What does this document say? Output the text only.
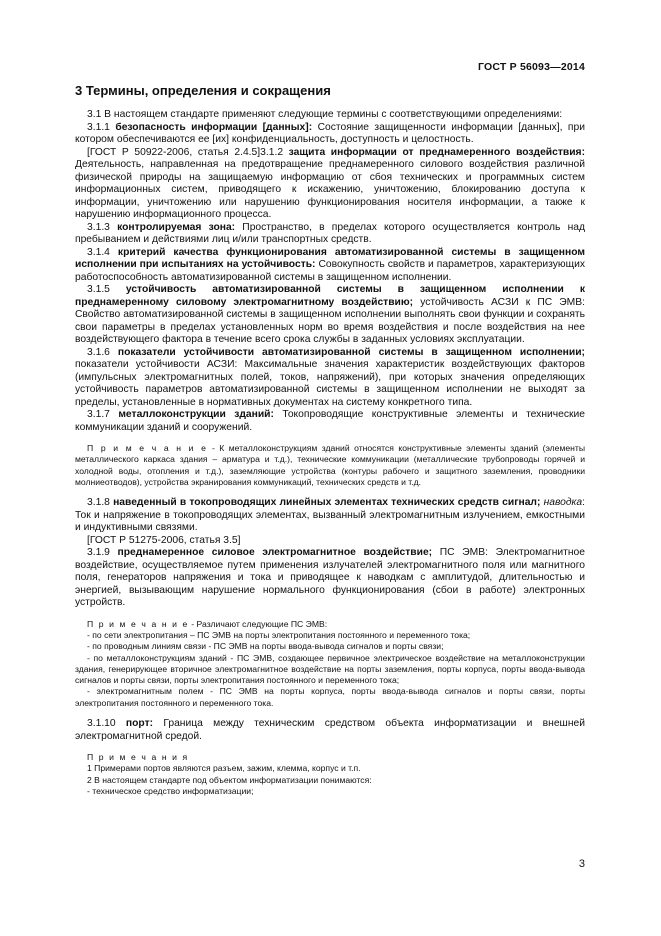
ГОСТ Р 56093—2014
3 Термины, определения и сокращения

3.1 В настоящем стандарте применяют следующие термины с соответствующими определениями:

3.1.1 безопасность информации [данных]: Состояние защищенности информации [данных], при котором обеспечиваются ее [их] конфиденциальность, доступность и целостность.

[ГОСТ Р 50922-2006, статья 2.4.5]3.1.2 защита информации от преднамеренного воздействия: Деятельность, направленная на предотвращение преднамеренного силового воздействия различной физической природы на защищаемую информацию от сбоя технических и программных систем информационных систем, приводящего к искажению, уничтожению, блокированию доступа к информации, уничтожению или нарушению функционирования носителя информации, а также к нарушению информационного процесса.

3.1.3 контролируемая зона: Пространство, в пределах которого осуществляется контроль над пребыванием и действиями лиц и/или транспортных средств.

3.1.4 критерий качества функционирования автоматизированной системы в защищенном исполнении при испытаниях на устойчивость: Совокупность свойств и параметров, характеризующих работоспособность автоматизированной системы в защищенном исполнении.

3.1.5 устойчивость автоматизированной системы в защищенном исполнении к преднамеренному силовому электромагнитному воздействию; устойчивость АСЗИ к ПС ЭМВ: Свойство автоматизированной системы в защищенном исполнении выполнять свои функции и сохранять свои параметры в пределах установленных норм во время воздействия и после воздействия на нее воздействующего фактора в течение всего срока службы в заданных условиях эксплуатации.

3.1.6 показатели устойчивости автоматизированной системы в защищенном исполнении; показатели устойчивости АСЗИ: Максимальные значения характеристик воздействующих факторов (импульсных электромагнитных полей, токов, напряжений), при которых значения определяющих устойчивость параметров автоматизированной системы в защищенном исполнении не выходят за пределы, установленные в нормативных документах на систему конкретного типа.

3.1.7 металлоконструкции зданий: Токопроводящие конструктивные элементы и технические коммуникации зданий и сооружений.

П р и м е ч а н и е - К металлоконструкциям зданий относятся конструктивные элементы зданий (элементы металлического каркаса здания – арматура и т.д.), технические коммуникации (металлические трубопроводы горячей и холодной воды, отопления и т.д.), заземляющие устройства (контуры рабочего и защитного заземления, проводники молниеотводов), устройства экранирования коммуникаций, технических средств и т.д.

3.1.8 наведенный в токопроводящих линейных элементах технических средств сигнал; наводка: Ток и напряжение в токопроводящих элементах, вызванный электромагнитным излучением, емкостными и индуктивными связями.

[ГОСТ Р 51275-2006, статья 3.5]

3.1.9 преднамеренное силовое электромагнитное воздействие; ПС ЭМВ: Электромагнитное воздействие, осуществляемое путем применения излучателей электромагнитного поля или магнитного поля, генераторов напряжения и тока и приводящее к наводкам с амплитудой, длительностью и энергией, вызывающим нарушение нормального функционирования (сбои в работе) электронных устройств.

П р и м е ч а н и е - Различают следующие ПС ЭМВ:

- по сети электропитания – ПС ЭМВ на порты электропитания постоянного и переменного тока;

- по проводным линиям связи - ПС ЭМВ на порты ввода-вывода сигналов и порты связи;

- по металлоконструкциям зданий - ПС ЭМВ, создающее первичное электрическое воздействие на металлоконструкции здания, генерирующее вторичное электромагнитное воздействие на порты заземления, порты корпуса, порты ввода-вывода сигналов и порты связи, порты электропитания постоянного и переменного тока;

- электромагнитным полем - ПС ЭМВ на порты корпуса, порты ввода-вывода сигналов и порты связи, порты электропитания постоянного и переменного тока.

3.1.10 порт: Граница между техническим средством объекта информатизации и внешней электромагнитной средой.

П р и м е ч а н и я

1 Примерами портов являются разъем, зажим, клемма, корпус и т.п.

2 В настоящем стандарте под объектом информатизации понимаются:

- техническое средство информатизации;

3
